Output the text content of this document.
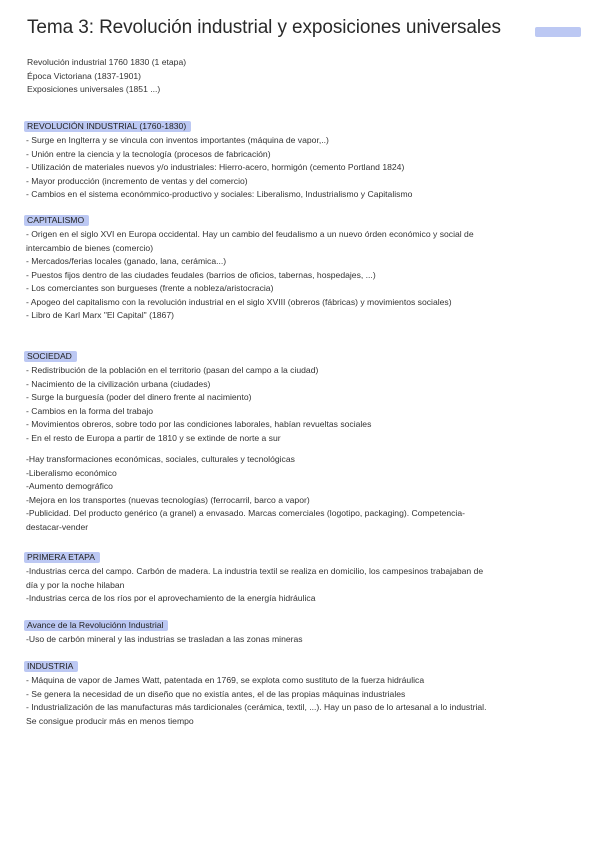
Tema 3: Revolución industrial y exposiciones universales
Revolución industrial 1760 1830 (1 etapa)
Época Victoriana (1837-1901)
Exposiciones universales (1851 ...)
REVOLUCIÓN INDUSTRIAL (1760-1830)
- Surge en Inglterra y se vincula con inventos importantes (máquina de vapor,..)
- Unión entre la ciencia y la tecnología (procesos de fabricación)
- Utilización de materiales nuevos y/o industriales: Hierro-acero, hormigón (cemento Portland 1824)
- Mayor producción (incremento de ventas y del comercio)
- Cambios en el sistema económmico-productivo y sociales: Liberalismo, Industrialismo y Capitalismo
CAPITALISMO
- Origen en el siglo XVI en Europa occidental. Hay un cambio del feudalismo a un nuevo órden económico y social de
intercambio de bienes (comercio)
- Mercados/ferias locales (ganado, lana, cerámica...)
- Puestos fijos dentro de las ciudades feudales (barrios de oficios, tabernas, hospedajes, ...)
- Los comerciantes son burgueses (frente a nobleza/aristocracia)
- Apogeo del capitalismo con la revolución industrial en el siglo XVIII (obreros (fábricas) y movimientos sociales)
- Libro de Karl Marx "El Capital" (1867)
SOCIEDAD
- Redistribución de la población en el territorio (pasan del campo a la ciudad)
- Nacimiento de la civilización urbana (ciudades)
- Surge la burguesía (poder del dinero frente al nacimiento)
- Cambios en la forma del trabajo
- Movimientos obreros, sobre todo por las condiciones laborales, habían revueltas sociales
- En el resto de Europa a partir de 1810 y se extinde de norte a sur
-Hay transformaciones económicas, sociales, culturales y tecnológicas
-Liberalismo económico
-Aumento demográfico
-Mejora en los transportes (nuevas tecnologías) (ferrocarril, barco a vapor)
-Publicidad. Del producto genérico (a granel) a envasado. Marcas comerciales (logotipo, packaging). Competencia-
destacar-vender
PRIMERA ETAPA
-Industrias cerca del campo. Carbón de madera. La industria textil se realiza en domicilio, los campesinos trabajaban de
día y por la noche hilaban
-Industrias cerca de los ríos por el aprovechamiento de la energía hidráulica
Avance de la Revoluciónn Industrial
-Uso de carbón mineral y las industrias se trasladan a las zonas mineras
INDUSTRIA
- Máquina de vapor de James Watt, patentada en 1769, se explota como sustituto de la fuerza hidráulica
- Se genera la necesidad de un diseño que no existía antes, el de las propias máquinas industriales
- Industrialización de las manufacturas más tardicionales (cerámica, textil, ...). Hay un paso de lo artesanal a lo industrial.
Se consigue producir más en menos tiempo
